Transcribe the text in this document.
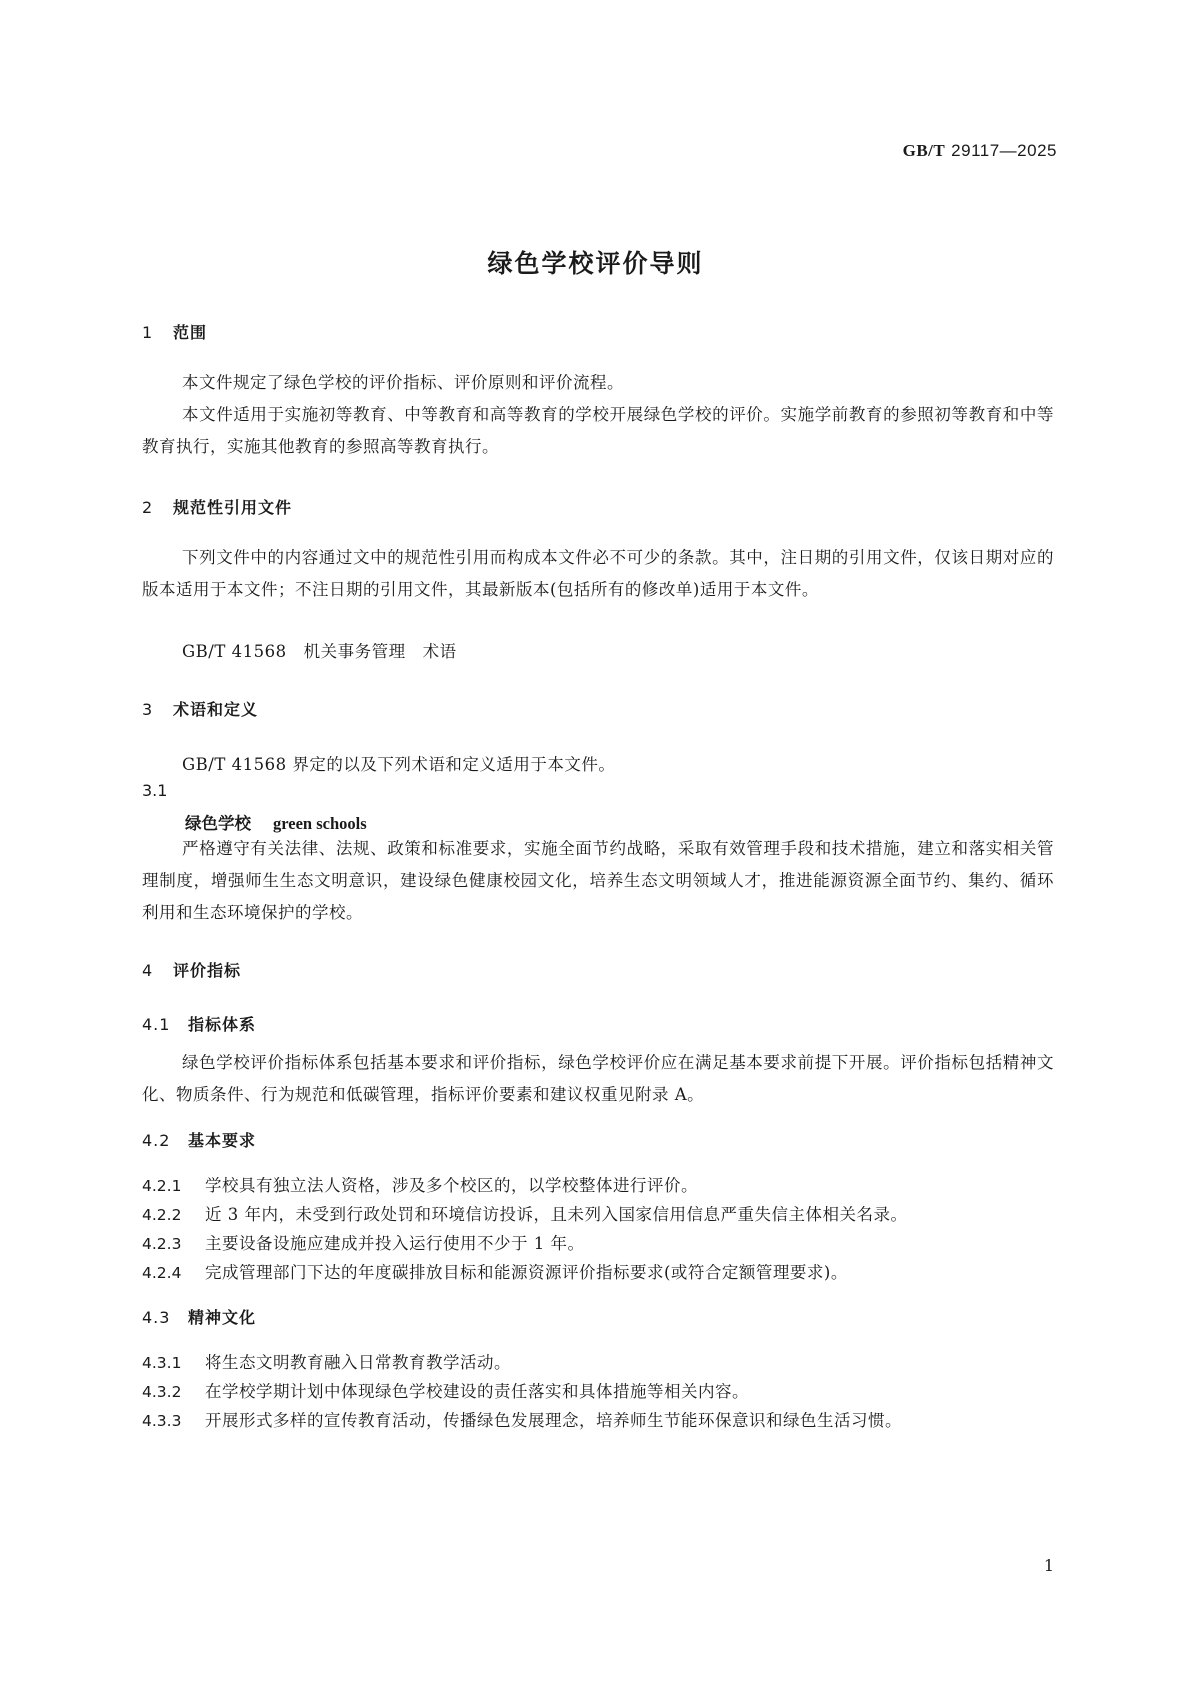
GB/T 29117—2025
绿色学校评价导则
1 范围
本文件规定了绿色学校的评价指标、评价原则和评价流程。
本文件适用于实施初等教育、中等教育和高等教育的学校开展绿色学校的评价。实施学前教育的参照初等教育和中等教育执行，实施其他教育的参照高等教育执行。
2 规范性引用文件
下列文件中的内容通过文中的规范性引用而构成本文件必不可少的条款。其中，注日期的引用文件，仅该日期对应的版本适用于本文件；不注日期的引用文件，其最新版本(包括所有的修改单)适用于本文件。
GB/T 41568　机关事务管理　术语
3 术语和定义
GB/T 41568 界定的以及下列术语和定义适用于本文件。
3.1
绿色学校 green schools
严格遵守有关法律、法规、政策和标准要求，实施全面节约战略，采取有效管理手段和技术措施，建立和落实相关管理制度，增强师生生态文明意识，建设绿色健康校园文化，培养生态文明领域人才，推进能源资源全面节约、集约、循环利用和生态环境保护的学校。
4 评价指标
4.1 指标体系
绿色学校评价指标体系包括基本要求和评价指标，绿色学校评价应在满足基本要求前提下开展。评价指标包括精神文化、物质条件、行为规范和低碳管理，指标评价要素和建议权重见附录 A。
4.2 基本要求
4.2.1 学校具有独立法人资格，涉及多个校区的，以学校整体进行评价。
4.2.2 近 3 年内，未受到行政处罚和环境信访投诉，且未列入国家信用信息严重失信主体相关名录。
4.2.3 主要设备设施应建成并投入运行使用不少于 1 年。
4.2.4 完成管理部门下达的年度碳排放目标和能源资源评价指标要求(或符合定额管理要求)。
4.3 精神文化
4.3.1 将生态文明教育融入日常教育教学活动。
4.3.2 在学校学期计划中体现绿色学校建设的责任落实和具体措施等相关内容。
4.3.3 开展形式多样的宣传教育活动，传播绿色发展理念，培养师生节能环保意识和绿色生活习惯。
1
